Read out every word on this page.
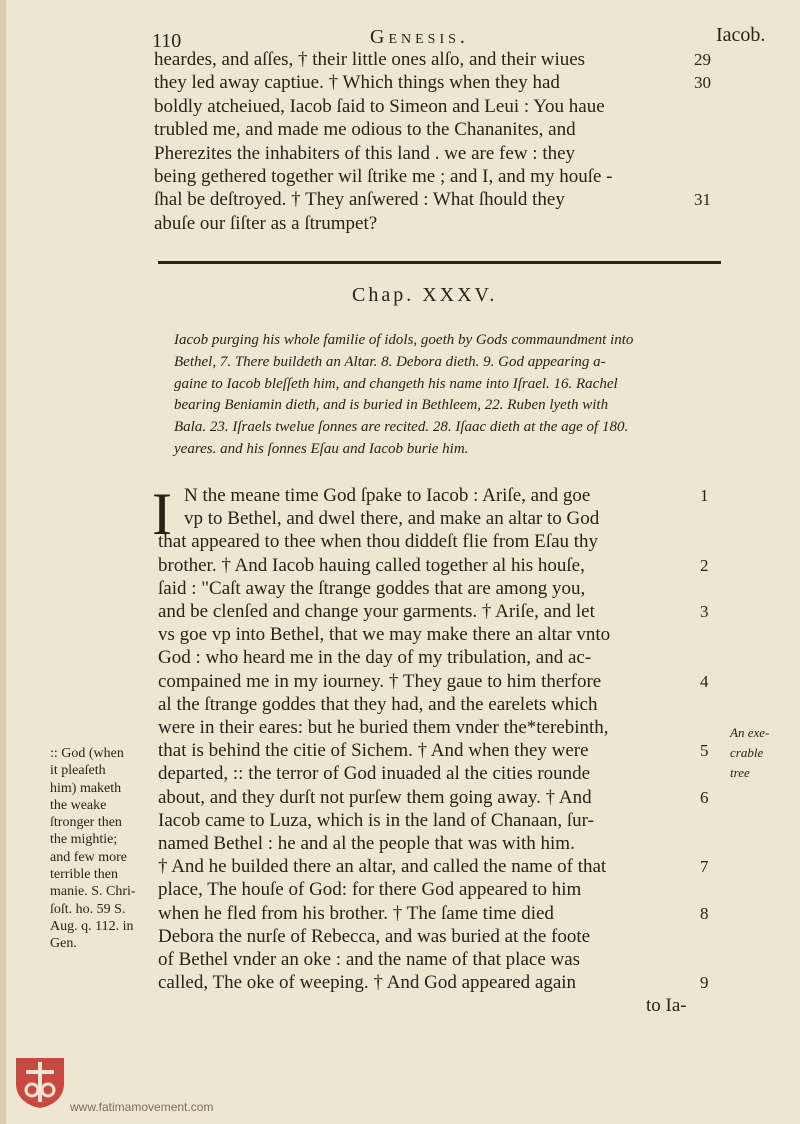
110	Genesis.	Iacob.
heardes, and aſſes, † their little ones alſo, and their wiues	29
they led away captiue. † Which things when they had	30
boldly atcheiued, Iacob ſaid to Simeon and Leui : You haue
trubled me, and made me odious to the Chananites, and
Pherezites the inhabiters of this land . we are few : they
being gethered together wil ſtrike me ; and I, and my houſe -
ſhal be deſtroyed. † They anſwered : What ſhould they	31
abuſe our ſiſter as a ſtrumpet?
Chap. XXXV.
Iacob purging his whole familie of idols, goeth by Gods commaundment into
Bethel, 7. There buildeth an Altar. 8. Debora dieth. 9. God appearing a-
gaine to Iacob bleſſeth him, and changeth his name into Iſrael. 16. Rachel
bearing Beniamin dieth, and is buried in Bethleem, 22. Ruben lyeth with
Bala. 23. Iſraels twelue ſonnes are recited. 28. Iſaac dieth at the age of 180.
yeares. and his ſonnes Eſau and Iacob burie him.
I N the meane time God ſpake to Iacob : Ariſe, and goe	1
vp to Bethel, and dwel there, and make an altar to God
that appeared to thee when thou diddeſt flie from Eſau thy
brother. † And Iacob hauing called together al his houſe,	2
ſaid : "Caſt away the ſtrange goddes that are among you,
and be clenſed and change your garments. † Ariſe, and let	3
vs goe vp into Bethel, that we may make there an altar vnto
God : who heard me in the day of my tribulation, and ac-
compained me in my iourney. † They gaue to him therfore	4
al the ſtrange goddes that they had, and the earelets which
were in their eares: but he buried them vnder the*terebinth,
that is behind the citie of Sichem. † And when they were	5
departed, :: the terror of God inuaded al the cities rounde
about, and they durſt not purſew them going away. † And	6
Iacob came to Luza, which is in the land of Chanaan, ſur-
named Bethel : he and al the people that was with him.
† And he builded there an altar, and called the name of that	7
place, The houſe of God: for there God appeared to him
when he fled from his brother. † The ſame time died	8
Debora the nurſe of Rebecca, and was buried at the foote
of Bethel vnder an oke : and the name of that place was
called, The oke of weeping. † And God appeared again	9
to Ia-
:: God (when
it pleaſeth
him) maketh
the weake
ſtronger then
the mightie;
and few more
terrible then
manie. S. Chri-
ſoſt. ho. 59 S.
Aug. q. 112. in
Gen.
An exe-
crable
tree
www.fatimamovement.com
